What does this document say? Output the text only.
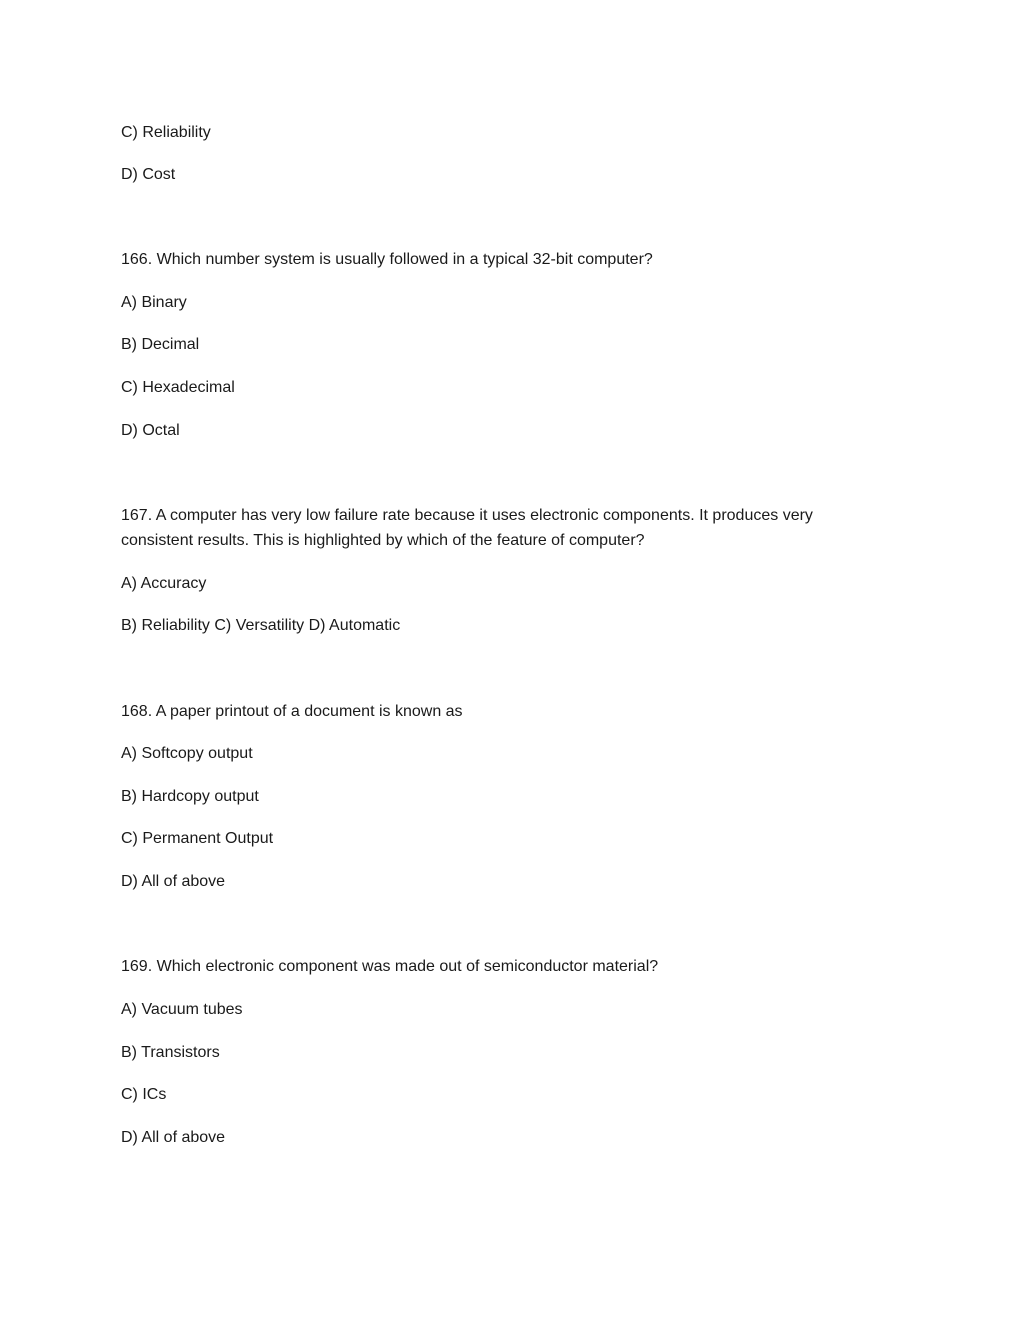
C) Reliability
D) Cost
166. Which number system is usually followed in a typical 32-bit computer?
A) Binary
B) Decimal
C) Hexadecimal
D) Octal
167. A computer has very low failure rate because it uses electronic components. It produces very consistent results. This is highlighted by which of the feature of computer?
A) Accuracy
B) Reliability C) Versatility D) Automatic
168. A paper printout of a document is known as
A) Softcopy output
B) Hardcopy output
C) Permanent Output
D) All of above
169. Which electronic component was made out of semiconductor material?
A) Vacuum tubes
B) Transistors
C) ICs
D) All of above
